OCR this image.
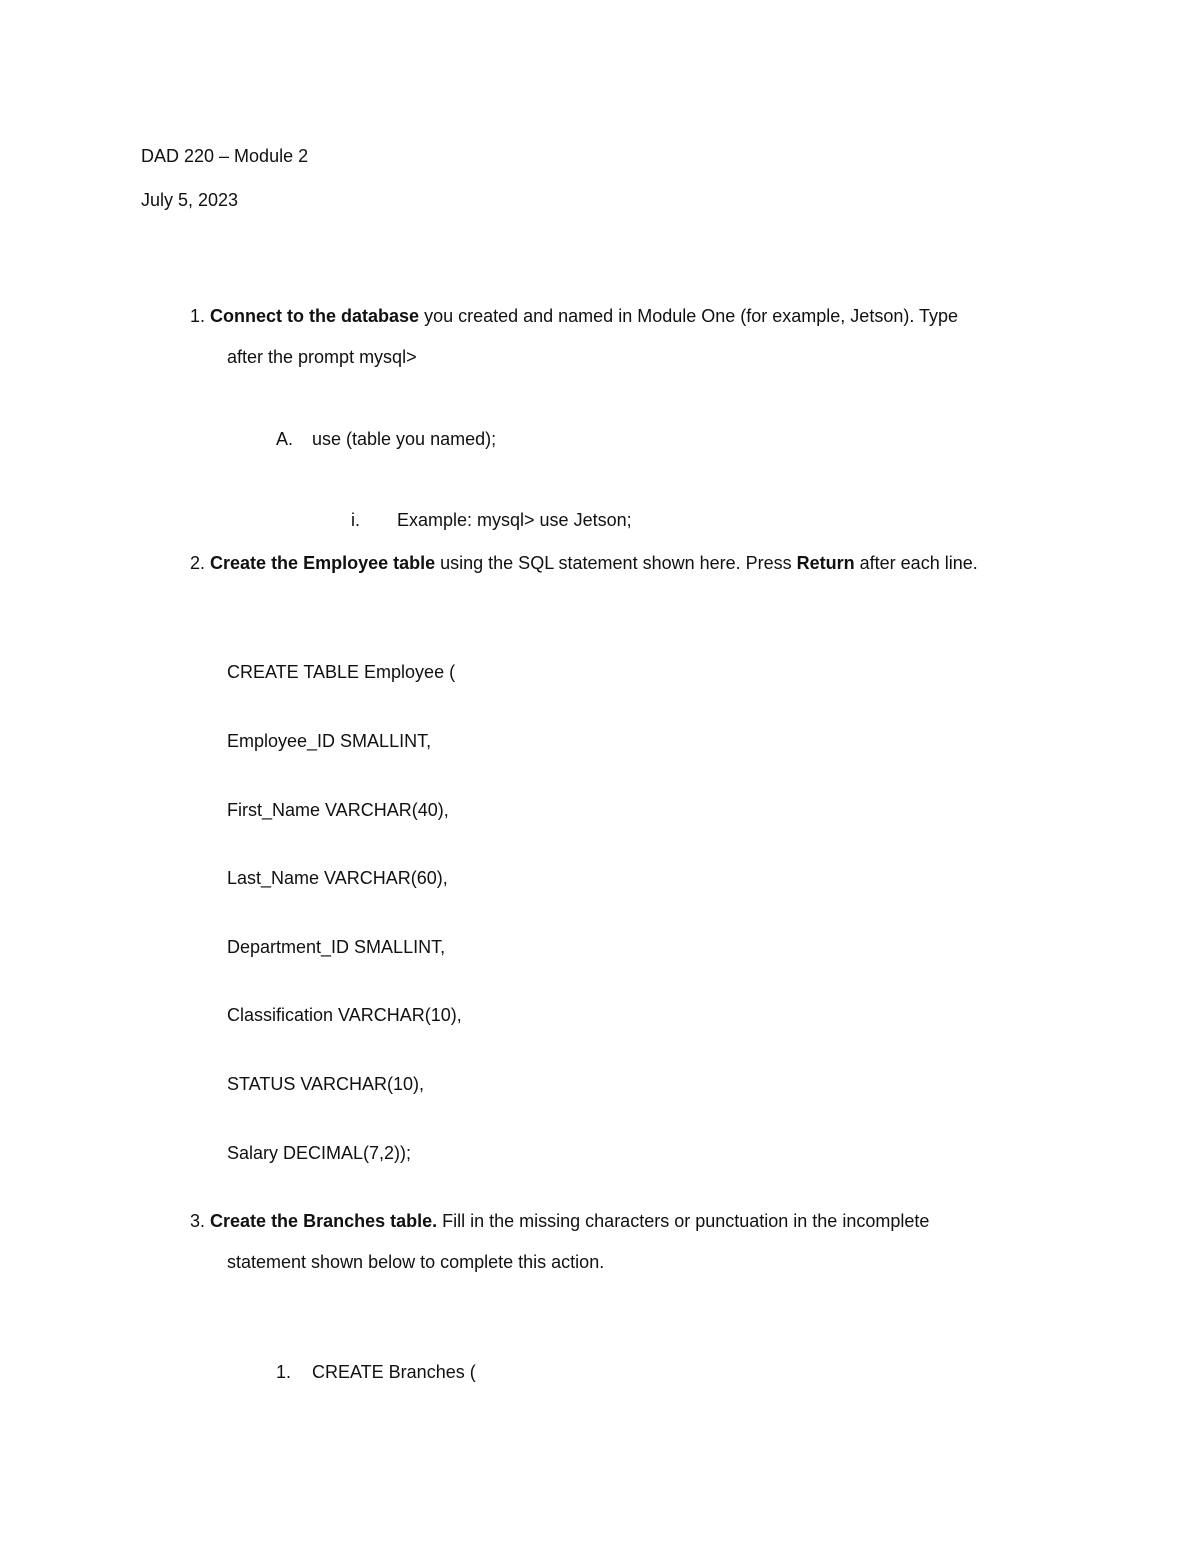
DAD 220 – Module 2
July 5, 2023
1. Connect to the database you created and named in Module One (for example, Jetson). Type
after the prompt mysql>
A. use (table you named);
i. Example: mysql> use Jetson;
2. Create the Employee table using the SQL statement shown here. Press Return after each line.
CREATE TABLE Employee (
Employee_ID SMALLINT,
First_Name VARCHAR(40),
Last_Name VARCHAR(60),
Department_ID SMALLINT,
Classification VARCHAR(10),
STATUS VARCHAR(10),
Salary DECIMAL(7,2));
3. Create the Branches table. Fill in the missing characters or punctuation in the incomplete
statement shown below to complete this action.
1. CREATE Branches (
